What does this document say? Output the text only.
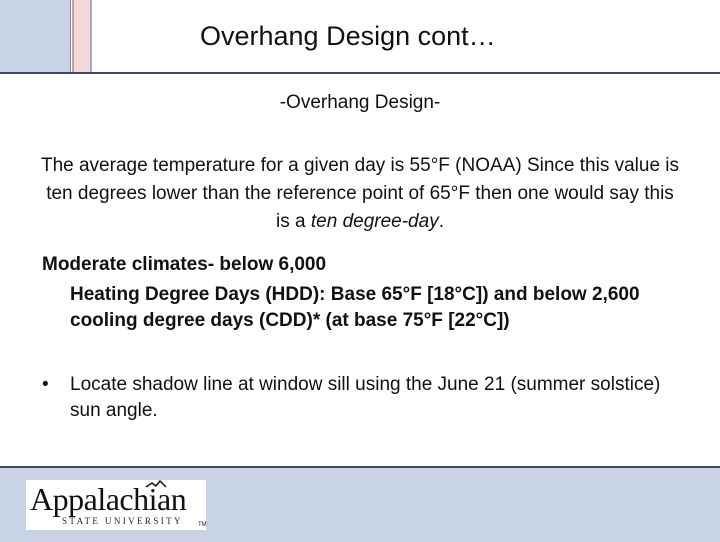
Overhang Design cont…
-Overhang Design-
The average temperature for a given day is 55°F (NOAA) Since this value is ten degrees lower than the reference point of 65°F then one would say this is a ten degree-day.
Moderate climates- below 6,000
Heating Degree Days (HDD): Base 65°F [18°C]) and below 2,600 cooling degree days (CDD)* (at base 75°F [22°C])
•	Locate shadow line at window sill using the June 21 (summer solstice) sun angle.
Appalachian
STATE UNIVERSITY	TM
